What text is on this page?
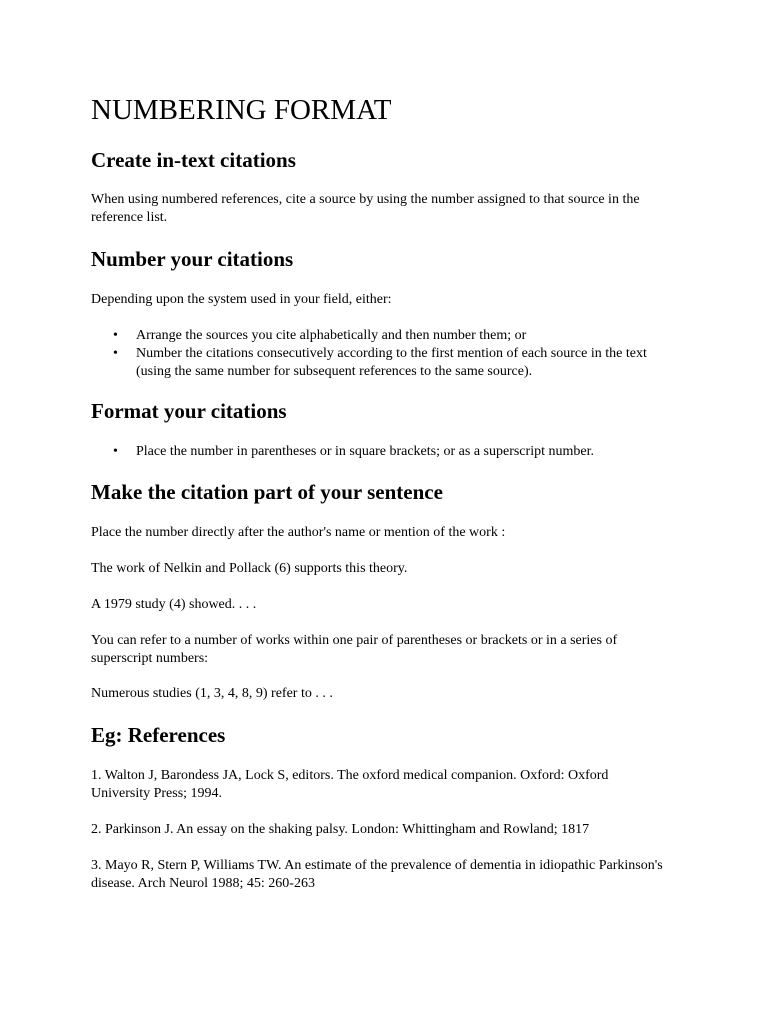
NUMBERING FORMAT
Create in-text citations

When using numbered references, cite a source by using the number assigned to that source in the reference list.

Number your citations

Depending upon the system used in your field, either:

• Arrange the sources you cite alphabetically and then number them; or
• Number the citations consecutively according to the first mention of each source in the text (using the same number for subsequent references to the same source).
Format your citations
• Place the number in parentheses or in square brackets; or as a superscript number.
Make the citation part of your sentence

Place the number directly after the author's name or mention of the work :

The work of Nelkin and Pollack (6) supports this theory.

A 1979 study (4) showed. . . .

You can refer to a number of works within one pair of parentheses or brackets or in a series of superscript numbers:

Numerous studies (1, 3, 4, 8, 9) refer to . . .

Eg: References

1. Walton J, Barondess JA, Lock S, editors. The oxford medical companion. Oxford: Oxford University Press; 1994.

2. Parkinson J. An essay on the shaking palsy. London: Whittingham and Rowland; 1817

3. Mayo R, Stern P, Williams TW. An estimate of the prevalence of dementia in idiopathic Parkinson's disease. Arch Neurol 1988; 45: 260-263
